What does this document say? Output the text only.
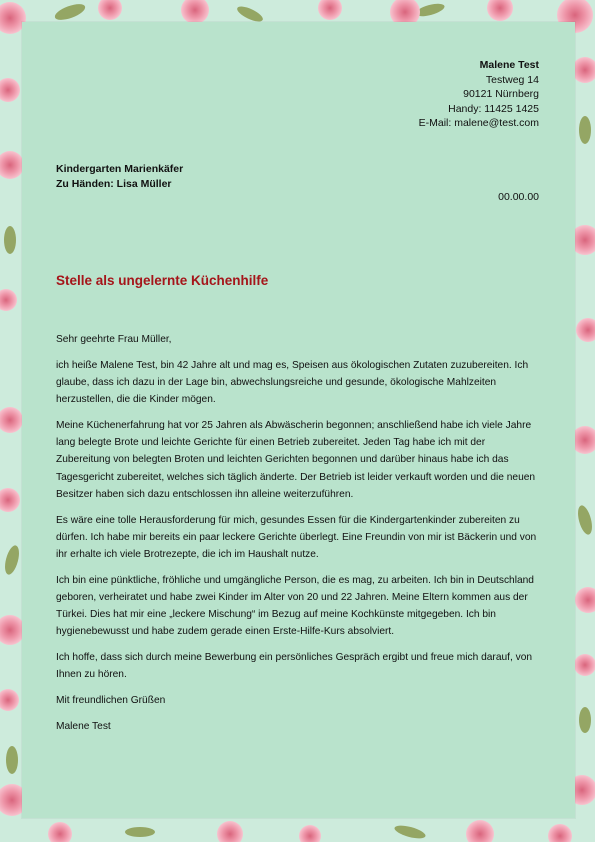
Malene Test
Testweg 14
90121 Nürnberg
Handy: 11425 1425
E-Mail: malene@test.com
Kindergarten Marienkäfer
Zu Händen: Lisa Müller
00.00.00
Stelle als ungelernte Küchenhilfe

Sehr geehrte Frau Müller,

ich heiße Malene Test, bin 42 Jahre alt und mag es, Speisen aus ökologischen Zutaten zuzubereiten. Ich glaube, dass ich dazu in der Lage bin, abwechslungsreiche und gesunde, ökologische Mahlzeiten herzustellen, die die Kinder mögen.

Meine Küchenerfahrung hat vor 25 Jahren als Abwäscherin begonnen; anschließend habe ich viele Jahre lang belegte Brote und leichte Gerichte für einen Betrieb zubereitet. Jeden Tag habe ich mit der Zubereitung von belegten Broten und leichten Gerichten begonnen und darüber hinaus habe ich das Tagesgericht zubereitet, welches sich täglich änderte. Der Betrieb ist leider verkauft worden und die neuen Besitzer haben sich dazu entschlossen ihn alleine weiterzuführen.

Es wäre eine tolle Herausforderung für mich, gesundes Essen für die Kindergartenkinder zubereiten zu dürfen. Ich habe mir bereits ein paar leckere Gerichte überlegt. Eine Freundin von mir ist Bäckerin und von ihr erhalte ich viele Brotrezepte, die ich im Haushalt nutze.

Ich bin eine pünktliche, fröhliche und umgängliche Person, die es mag, zu arbeiten. Ich bin in Deutschland geboren, verheiratet und habe zwei Kinder im Alter von 20 und 22 Jahren. Meine Eltern kommen aus der Türkei. Dies hat mir eine „leckere Mischung“ im Bezug auf meine Kochkünste mitgegeben. Ich bin hygienebewusst und habe zudem gerade einen Erste-Hilfe-Kurs absolviert.

Ich hoffe, dass sich durch meine Bewerbung ein persönliches Gespräch ergibt und freue mich darauf, von Ihnen zu hören.

Mit freundlichen Grüßen

Malene Test
